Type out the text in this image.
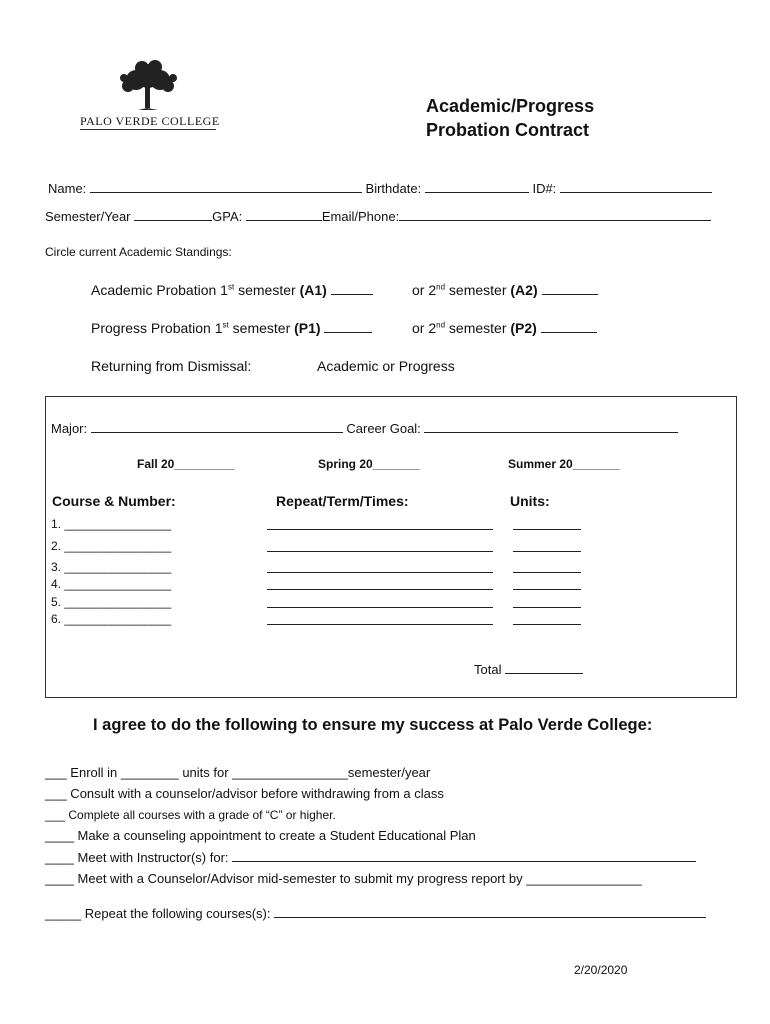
PALO VERDE COLLEGE
Academic/Progress
Probation Contract
Name:	Birthdate:	ID#:
Semester/Year	GPA:	Email/Phone:
Circle current Academic Standings:
Academic Probation 1st semester (A1)	or 2nd semester (A2)
Progress Probation 1st semester (P1)	or 2nd semester (P2)
Returning from Dismissal:	Academic or Progress
Major:	Career Goal:
Fall 20_________	Spring 20_______	Summer 20_______
Course & Number:	Repeat/Term/Times:	Units:
1. ________________
2. ________________
3. ________________
4. ________________
5. ________________
6. ________________
Total
I agree to do the following to ensure my success at Palo Verde College:
___ Enroll in ________ units for ________________semester/year
___ Consult with a counselor/advisor before withdrawing from a class
___ Complete all courses with a grade of “C” or higher.
____ Make a counseling appointment to create a Student Educational Plan
____ Meet with Instructor(s) for:
____ Meet with a Counselor/Advisor mid-semester to submit my progress report by ________________
_____ Repeat the following courses(s):
2/20/2020
